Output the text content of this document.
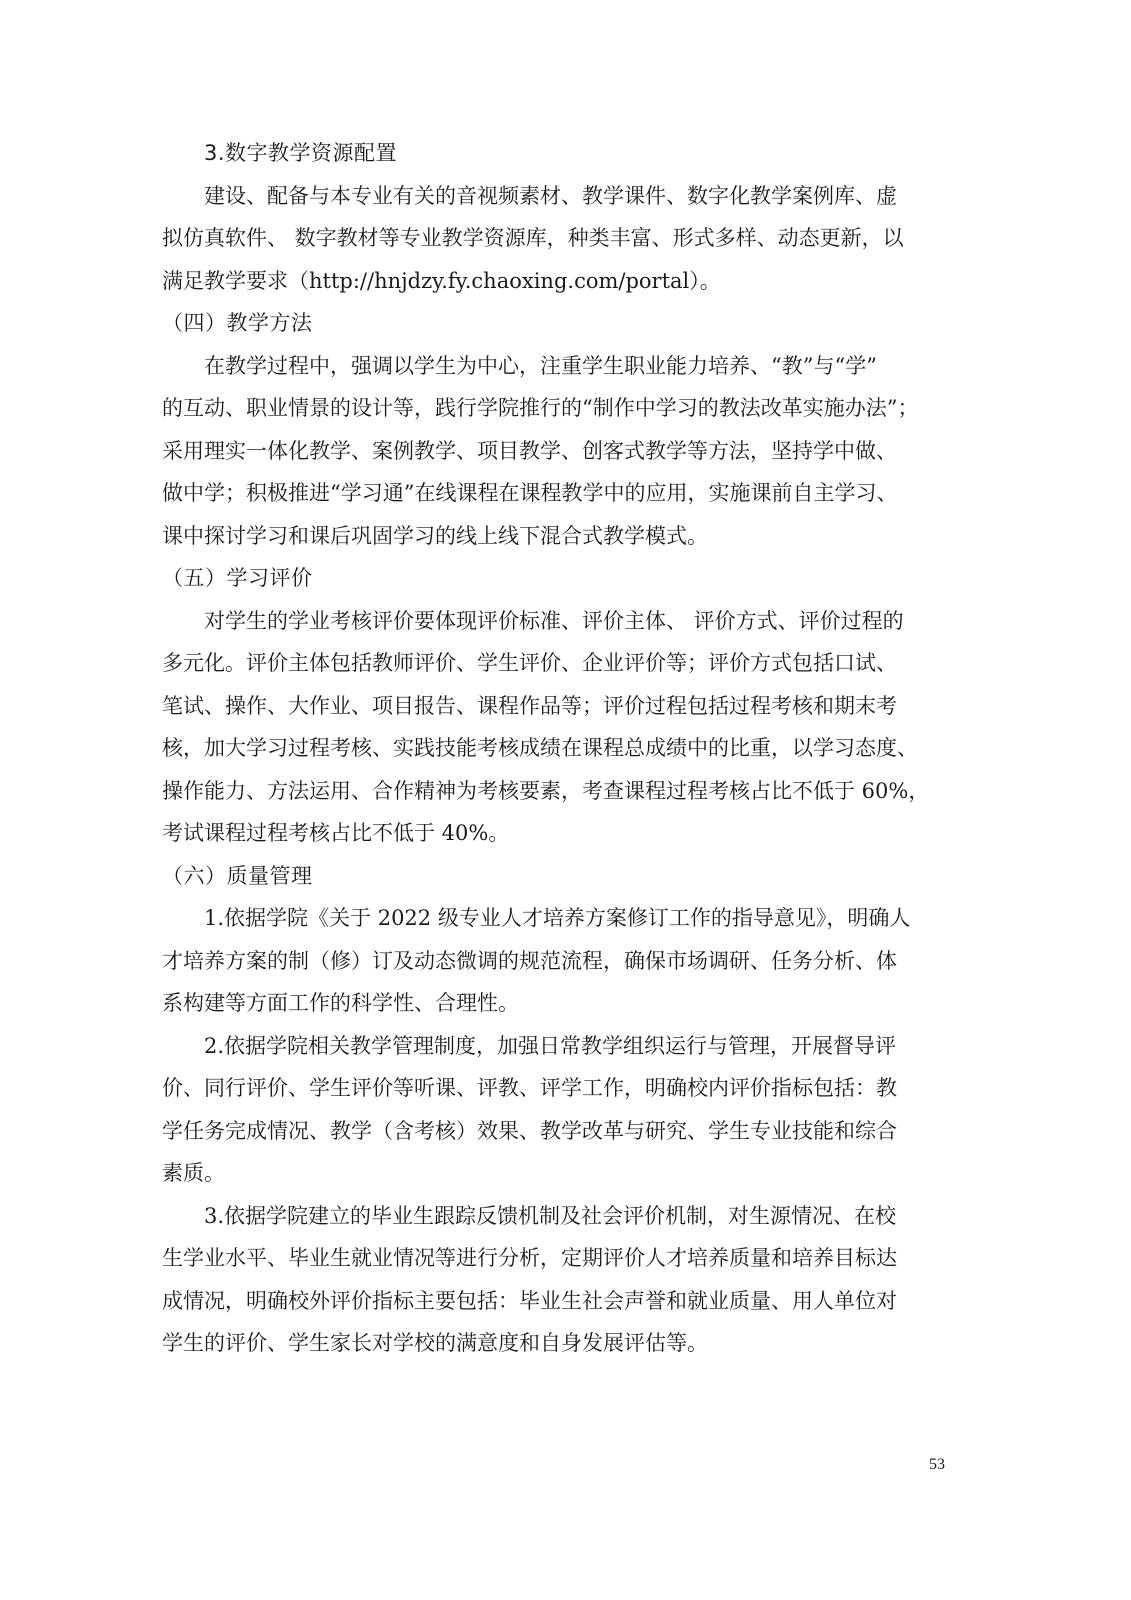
3.数字教学资源配置
建设、配备与本专业有关的音视频素材、教学课件、数字化教学案例库、虚
拟仿真软件、 数字教材等专业教学资源库，种类丰富、形式多样、动态更新，以
满足教学要求（http://hnjdzy.fy.chaoxing.com/portal）。
（四）教学方法
在教学过程中，强调以学生为中心，注重学生职业能力培养、“教”与“学”
的互动、职业情景的设计等，践行学院推行的“制作中学习的教法改革实施办法”；
采用理实一体化教学、案例教学、项目教学、创客式教学等方法，坚持学中做、
做中学；积极推进“学习通”在线课程在课程教学中的应用，实施课前自主学习、
课中探讨学习和课后巩固学习的线上线下混合式教学模式。
（五）学习评价
对学生的学业考核评价要体现评价标准、评价主体、 评价方式、评价过程的
多元化。评价主体包括教师评价、学生评价、企业评价等；评价方式包括口试、
笔试、操作、大作业、项目报告、课程作品等；评价过程包括过程考核和期末考
核，加大学习过程考核、实践技能考核成绩在课程总成绩中的比重，以学习态度、
操作能力、方法运用、合作精神为考核要素，考查课程过程考核占比不低于 60%，
考试课程过程考核占比不低于 40%。
（六）质量管理
1.依据学院《关于 2022 级专业人才培养方案修订工作的指导意见》，明确人
才培养方案的制（修）订及动态微调的规范流程，确保市场调研、任务分析、体
系构建等方面工作的科学性、合理性。
2.依据学院相关教学管理制度，加强日常教学组织运行与管理，开展督导评
价、同行评价、学生评价等听课、评教、评学工作，明确校内评价指标包括：教
学任务完成情况、教学（含考核）效果、教学改革与研究、学生专业技能和综合
素质。
3.依据学院建立的毕业生跟踪反馈机制及社会评价机制，对生源情况、在校
生学业水平、毕业生就业情况等进行分析，定期评价人才培养质量和培养目标达
成情况，明确校外评价指标主要包括：毕业生社会声誉和就业质量、用人单位对
学生的评价、学生家长对学校的满意度和自身发展评估等。
53
